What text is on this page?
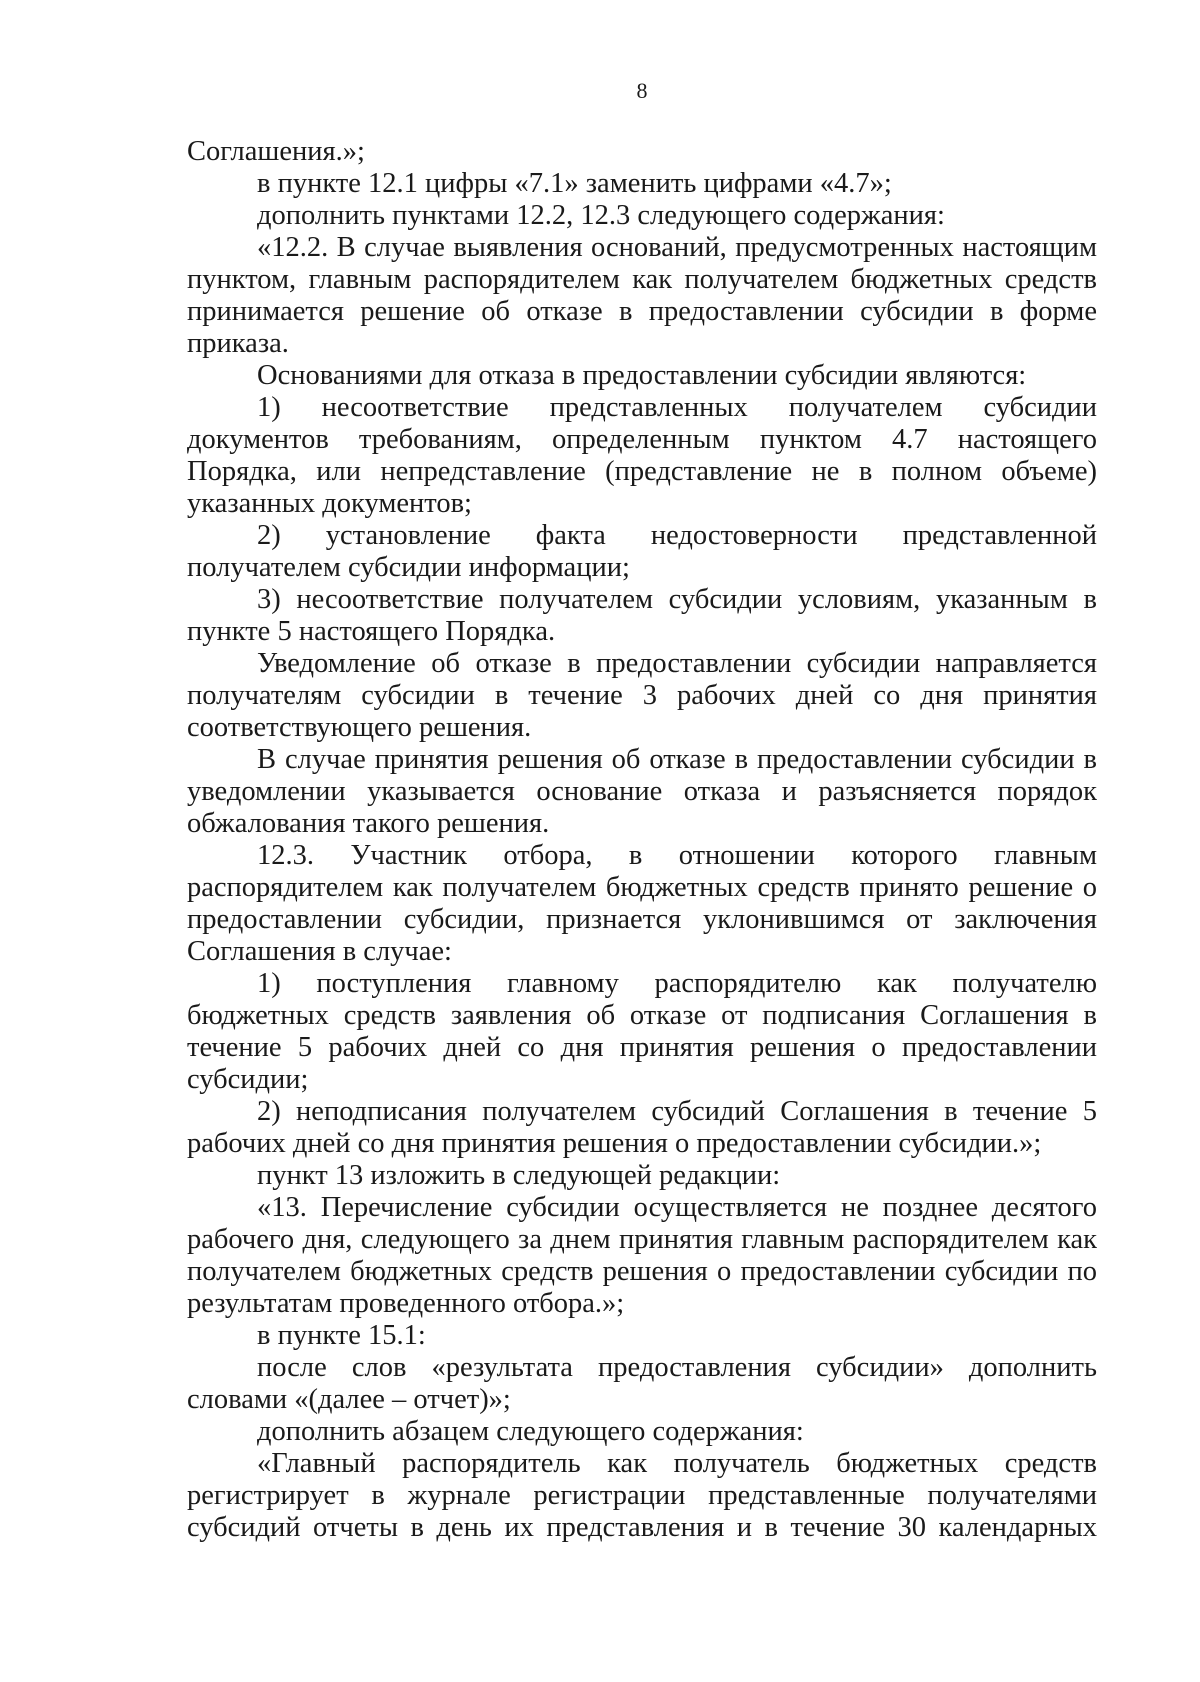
8

Соглашения.»;

в пункте 12.1 цифры «7.1» заменить цифрами «4.7»;

дополнить пунктами 12.2, 12.3 следующего содержания:

«12.2. В случае выявления оснований, предусмотренных настоящим пунктом, главным распорядителем как получателем бюджетных средств принимается решение об отказе в предоставлении субсидии в форме приказа.

Основаниями для отказа в предоставлении субсидии являются:

1) несоответствие представленных получателем субсидии документов требованиям, определенным пунктом 4.7 настоящего Порядка, или непредставление (представление не в полном объеме) указанных документов;

2) установление факта недостоверности представленной получателем субсидии информации;

3) несоответствие получателем субсидии условиям, указанным в пункте 5 настоящего Порядка.

Уведомление об отказе в предоставлении субсидии направляется получателям субсидии в течение 3 рабочих дней со дня принятия соответствующего решения.

В случае принятия решения об отказе в предоставлении субсидии в уведомлении указывается основание отказа и разъясняется порядок обжалования такого решения.

12.3. Участник отбора, в отношении которого главным распорядителем как получателем бюджетных средств принято решение о предоставлении субсидии, признается уклонившимся от заключения Соглашения в случае:

1) поступления главному распорядителю как получателю бюджетных средств заявления об отказе от подписания Соглашения в течение 5 рабочих дней со дня принятия решения о предоставлении субсидии;

2) неподписания получателем субсидий Соглашения в течение 5 рабочих дней со дня принятия решения о предоставлении субсидии.»;

пункт 13 изложить в следующей редакции:

«13. Перечисление субсидии осуществляется не позднее десятого рабочего дня, следующего за днем принятия главным распорядителем как получателем бюджетных средств решения о предоставлении субсидии по результатам проведенного отбора.»;

в пункте 15.1:

после слов «результата предоставления субсидии» дополнить словами «(далее – отчет)»;

дополнить абзацем следующего содержания:

«Главный распорядитель как получатель бюджетных средств регистрирует в журнале регистрации представленные получателями субсидий отчеты в день их представления и в течение 30 календарных
